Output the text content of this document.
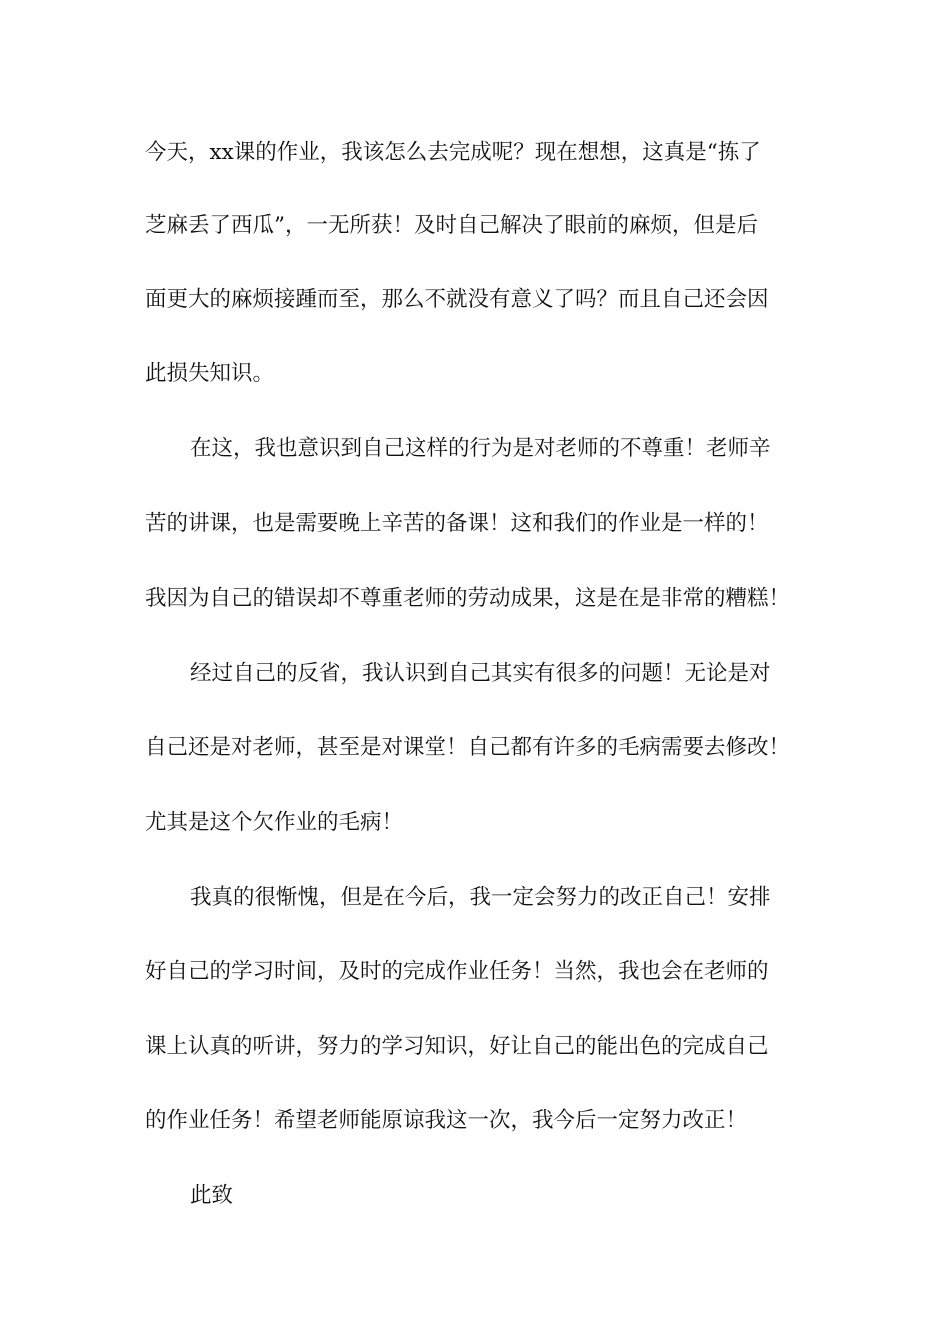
今天，xx课的作业，我该怎么去完成呢？现在想想，这真是“拣了
芝麻丢了西瓜”，一无所获！及时自己解决了眼前的麻烦，但是后
面更大的麻烦接踵而至，那么不就没有意义了吗？而且自己还会因
此损失知识。
在这，我也意识到自己这样的行为是对老师的不尊重！老师辛
苦的讲课，也是需要晚上辛苦的备课！这和我们的作业是一样的！
我因为自己的错误却不尊重老师的劳动成果，这是在是非常的糟糕！
经过自己的反省，我认识到自己其实有很多的问题！无论是对
自己还是对老师，甚至是对课堂！自己都有许多的毛病需要去修改！
尤其是这个欠作业的毛病！
我真的很惭愧，但是在今后，我一定会努力的改正自己！安排
好自己的学习时间，及时的完成作业任务！当然，我也会在老师的
课上认真的听讲，努力的学习知识，好让自己的能出色的完成自己
的作业任务！希望老师能原谅我这一次，我今后一定努力改正！
此致
